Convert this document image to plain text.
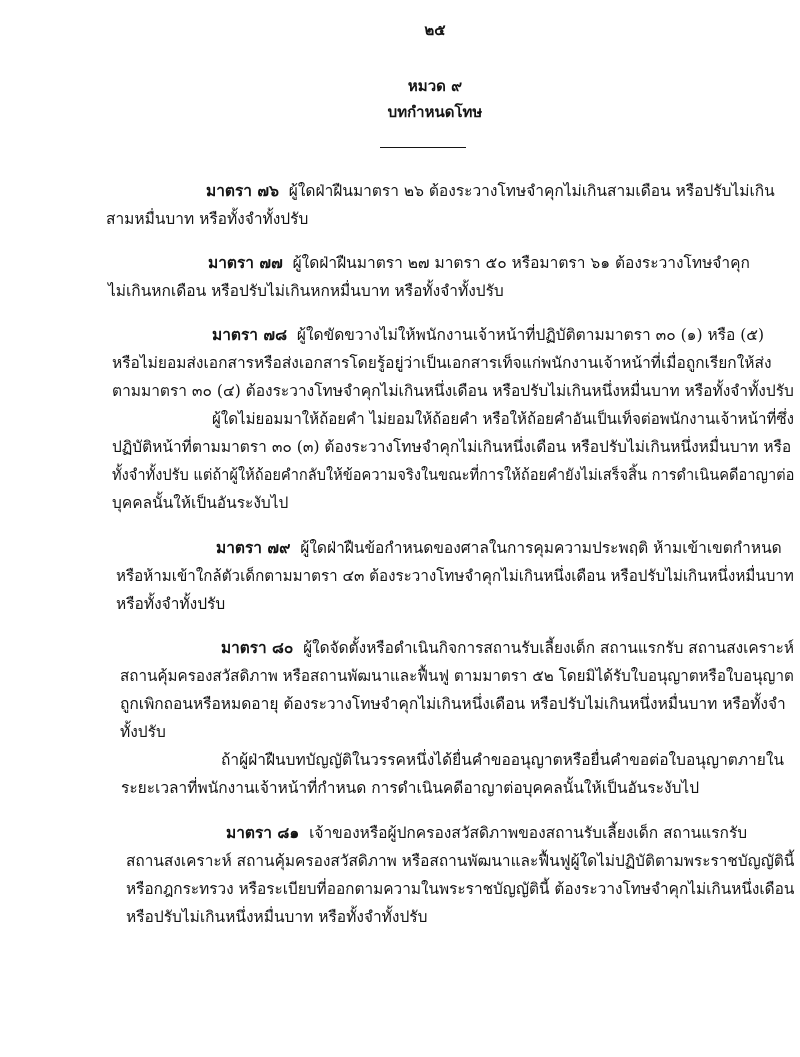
๒๕
หมวด ๙
บทกำหนดโทษ
มาตรา ๗๖ ผู้ใดฝ่าฝืนมาตรา ๒๖ ต้องระวางโทษจำคุกไม่เกินสามเดือน หรือปรับไม่เกิน
สามหมื่นบาท หรือทั้งจำทั้งปรับ
มาตรา ๗๗ ผู้ใดฝ่าฝืนมาตรา ๒๗ มาตรา ๕๐ หรือมาตรา ๖๑ ต้องระวางโทษจำคุก
ไม่เกินหกเดือน หรือปรับไม่เกินหกหมื่นบาท หรือทั้งจำทั้งปรับ
มาตรา ๗๘ ผู้ใดขัดขวางไม่ให้พนักงานเจ้าหน้าที่ปฏิบัติตามมาตรา ๓๐ (๑) หรือ (๕)
หรือไม่ยอมส่งเอกสารหรือส่งเอกสารโดยรู้อยู่ว่าเป็นเอกสารเท็จแก่พนักงานเจ้าหน้าที่เมื่อถูกเรียกให้ส่ง
ตามมาตรา ๓๐ (๔) ต้องระวางโทษจำคุกไม่เกินหนึ่งเดือน หรือปรับไม่เกินหนึ่งหมื่นบาท หรือทั้งจำทั้งปรับ
ผู้ใดไม่ยอมมาให้ถ้อยคำ ไม่ยอมให้ถ้อยคำ หรือให้ถ้อยคำอันเป็นเท็จต่อพนักงานเจ้าหน้าที่ซึ่ง
ปฏิบัติหน้าที่ตามมาตรา ๓๐ (๓) ต้องระวางโทษจำคุกไม่เกินหนึ่งเดือน หรือปรับไม่เกินหนึ่งหมื่นบาท หรือ
ทั้งจำทั้งปรับ แต่ถ้าผู้ให้ถ้อยคำกลับให้ข้อความจริงในขณะที่การให้ถ้อยคำยังไม่เสร็จสิ้น การดำเนินคดีอาญาต่อ
บุคคลนั้นให้เป็นอันระงับไป
มาตรา ๗๙ ผู้ใดฝ่าฝืนข้อกำหนดของศาลในการคุมความประพฤติ ห้ามเข้าเขตกำหนด
หรือห้ามเข้าใกล้ตัวเด็กตามมาตรา ๔๓ ต้องระวางโทษจำคุกไม่เกินหนึ่งเดือน หรือปรับไม่เกินหนึ่งหมื่นบาท
หรือทั้งจำทั้งปรับ
มาตรา ๘๐ ผู้ใดจัดตั้งหรือดำเนินกิจการสถานรับเลี้ยงเด็ก สถานแรกรับ สถานสงเคราะห์
สถานคุ้มครองสวัสดิภาพ หรือสถานพัฒนาและฟื้นฟู ตามมาตรา ๕๒ โดยมิได้รับใบอนุญาตหรือใบอนุญาต
ถูกเพิกถอนหรือหมดอายุ ต้องระวางโทษจำคุกไม่เกินหนึ่งเดือน หรือปรับไม่เกินหนึ่งหมื่นบาท หรือทั้งจำ
ทั้งปรับ
ถ้าผู้ฝ่าฝืนบทบัญญัติในวรรคหนึ่งได้ยื่นคำขออนุญาตหรือยื่นคำขอต่อใบอนุญาตภายใน
ระยะเวลาที่พนักงานเจ้าหน้าที่กำหนด การดำเนินคดีอาญาต่อบุคคลนั้นให้เป็นอันระงับไป
มาตรา ๘๑ เจ้าของหรือผู้ปกครองสวัสดิภาพของสถานรับเลี้ยงเด็ก สถานแรกรับ
สถานสงเคราะห์ สถานคุ้มครองสวัสดิภาพ หรือสถานพัฒนาและฟื้นฟูผู้ใดไม่ปฏิบัติตามพระราชบัญญัตินี้
หรือกฎกระทรวง หรือระเบียบที่ออกตามความในพระราชบัญญัตินี้ ต้องระวางโทษจำคุกไม่เกินหนึ่งเดือน
หรือปรับไม่เกินหนึ่งหมื่นบาท หรือทั้งจำทั้งปรับ
